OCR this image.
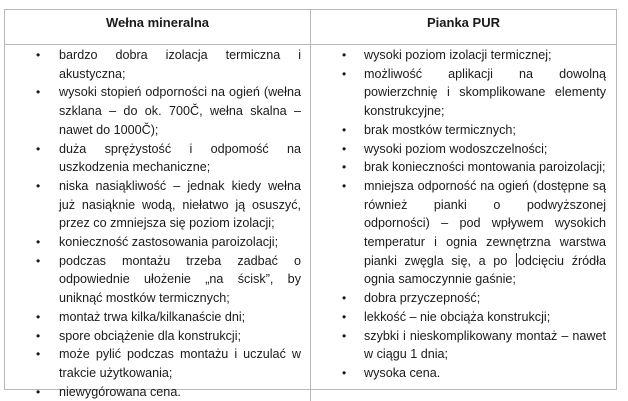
Wełna mineralna	Pianka PUR
• bardzo dobra izolacja termiczna i akustyczna;
• wysoki stopień odporności na ogień (wełna szklana – do ok. 700Č, wełna skalna – nawet do 1000Č);
• duża sprężystość i odpomość na uszkodzenia mechaniczne;
• niska nasiąkliwość – jednak kiedy wełna już nasiąknie wodą, niełatwo ją osuszyć, przez co zmniejsza się poziom izolacji;
• konieczność zastosowania paroizolacji;
• podczas montażu trzeba zadbać o odpowiednie ułożenie „na ścisk”, by uniknąć mostków termicznych;
• montaż trwa kilka/kilkanaście dni;
• spore obciążenie dla konstrukcji;
• może pylić podczas montażu i uczulać w trakcie użytkowania;
• niewygórowana cena.
• wysoki poziom izolacji termicznej;
• możliwość aplikacji na dowolną powierzchnię i skomplikowane elementy konstrukcyjne;
• brak mostków termicznych;
• wysoki poziom wodoszczelności;
• brak konieczności montowania paroizolacji;
• mniejsza odporność na ogień (dostępne są również pianki o podwyższonej odporności) – pod wpływem wysokich temperatur i ognia zewnętrzna warstwa pianki zwęgla się, a po odcięciu źródła ognia samoczynnie gaśnie;
• dobra przyczepność;
• lekkość – nie obciąża konstrukcji;
• szybki i nieskomplikowany montaż – nawet w ciągu 1 dnia;
• wysoka cena.
